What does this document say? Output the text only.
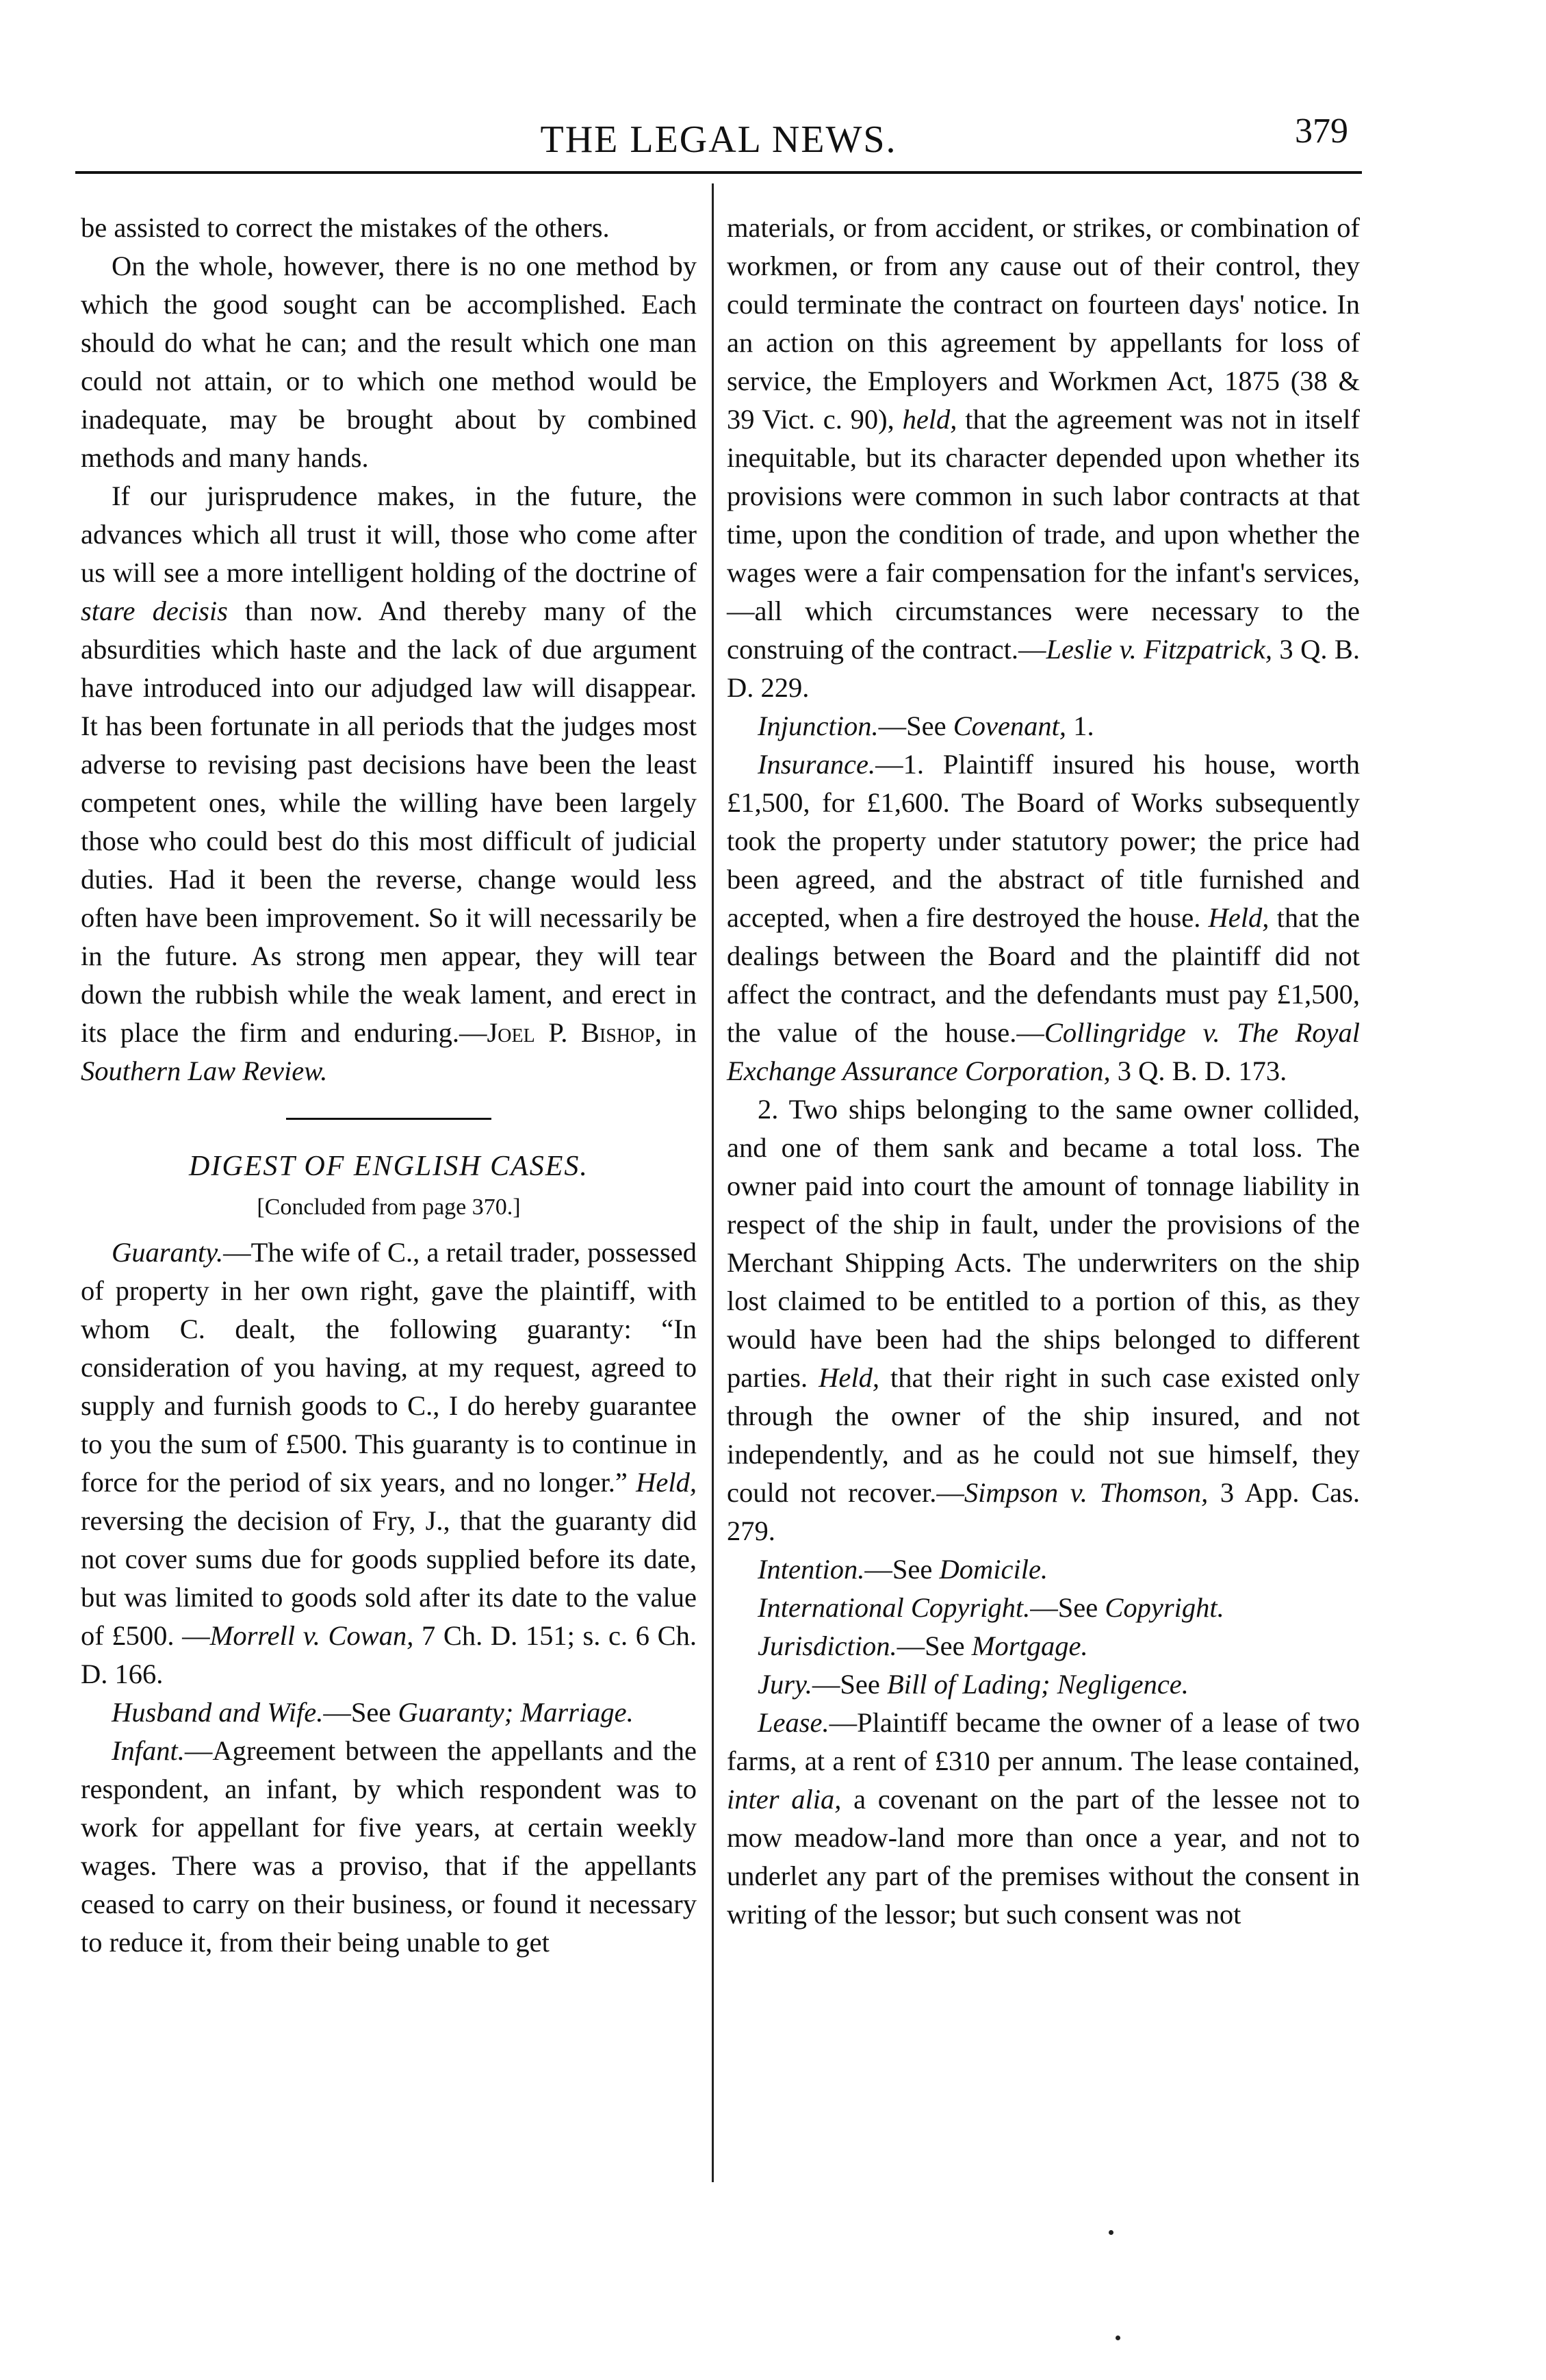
THE LEGAL NEWS.	379

be assisted to correct the mistakes of the others.

On the whole, however, there is no one method by which the good sought can be accomplished. Each should do what he can; and the result which one man could not attain, or to which one method would be inadequate, may be brought about by combined methods and many hands.

If our jurisprudence makes, in the future, the advances which all trust it will, those who come after us will see a more intelligent holding of the doctrine of stare decisis than now. And thereby many of the absurdities which haste and the lack of due argument have introduced into our adjudged law will disappear. It has been fortunate in all periods that the judges most adverse to revising past decisions have been the least competent ones, while the willing have been largely those who could best do this most difficult of judicial duties. Had it been the reverse, change would less often have been improvement. So it will necessarily be in the future. As strong men appear, they will tear down the rubbish while the weak lament, and erect in its place the firm and enduring.—Joel P. Bishop, in Southern Law Review.

DIGEST OF ENGLISH CASES.
[Concluded from page 370.]

Guaranty.—The wife of C., a retail trader, possessed of property in her own right, gave the plaintiff, with whom C. dealt, the following guaranty: “In consideration of you having, at my request, agreed to supply and furnish goods to C., I do hereby guarantee to you the sum of £500. This guaranty is to continue in force for the period of six years, and no longer.” Held, reversing the decision of Fry, J., that the guaranty did not cover sums due for goods supplied before its date, but was limited to goods sold after its date to the value of £500. —Morrell v. Cowan, 7 Ch. D. 151; s. c. 6 Ch. D. 166.

Husband and Wife.—See Guaranty; Marriage.

Infant.—Agreement between the appellants and the respondent, an infant, by which respondent was to work for appellant for five years, at certain weekly wages. There was a proviso, that if the appellants ceased to carry on their business, or found it necessary to reduce it, from their being unable to get

materials, or from accident, or strikes, or combination of workmen, or from any cause out of their control, they could terminate the contract on fourteen days' notice. In an action on this agreement by appellants for loss of service, the Employers and Workmen Act, 1875 (38 & 39 Vict. c. 90), held, that the agreement was not in itself inequitable, but its character depended upon whether its provisions were common in such labor contracts at that time, upon the condition of trade, and upon whether the wages were a fair compensation for the infant's services,—all which circumstances were necessary to the construing of the contract.—Leslie v. Fitzpatrick, 3 Q. B. D. 229.

Injunction.—See Covenant, 1.

Insurance.—1. Plaintiff insured his house, worth £1,500, for £1,600. The Board of Works subsequently took the property under statutory power; the price had been agreed, and the abstract of title furnished and accepted, when a fire destroyed the house. Held, that the dealings between the Board and the plaintiff did not affect the contract, and the defendants must pay £1,500, the value of the house.—Collingridge v. The Royal Exchange Assurance Corporation, 3 Q. B. D. 173.

2. Two ships belonging to the same owner collided, and one of them sank and became a total loss. The owner paid into court the amount of tonnage liability in respect of the ship in fault, under the provisions of the Merchant Shipping Acts. The underwriters on the ship lost claimed to be entitled to a portion of this, as they would have been had the ships belonged to different parties. Held, that their right in such case existed only through the owner of the ship insured, and not independently, and as he could not sue himself, they could not recover.—Simpson v. Thomson, 3 App. Cas. 279.

Intention.—See Domicile.

International Copyright.—See Copyright.

Jurisdiction.—See Mortgage.

Jury.—See Bill of Lading; Negligence.

Lease.—Plaintiff became the owner of a lease of two farms, at a rent of £310 per annum. The lease contained, inter alia, a covenant on the part of the lessee not to mow meadow-land more than once a year, and not to underlet any part of the premises without the consent in writing of the lessor; but such consent was not
